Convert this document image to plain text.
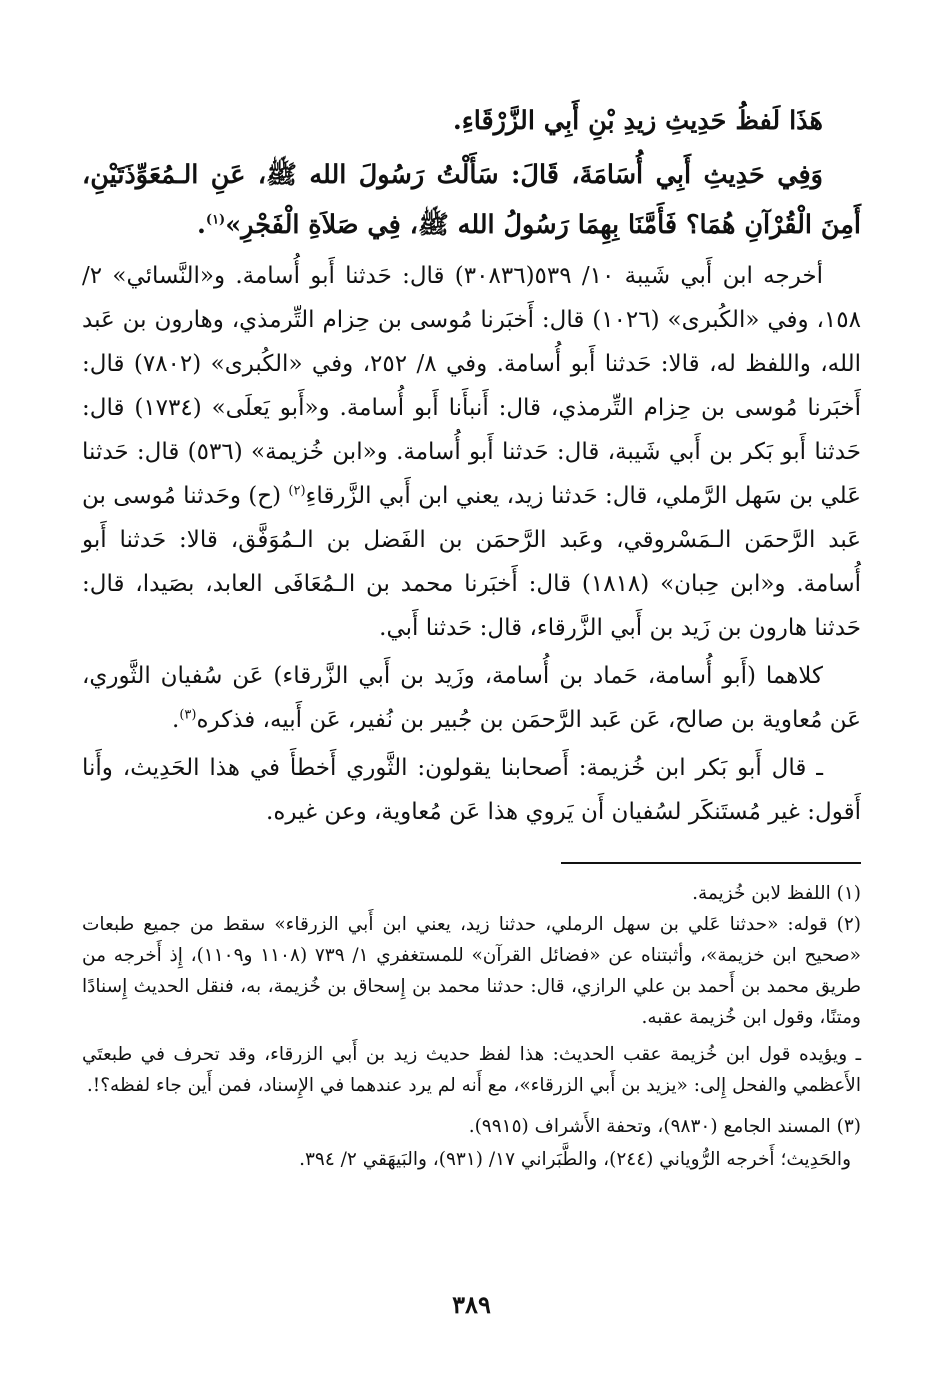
هَذَا لَفظُ حَدِيثِ زيدِ بْنِ أَبِي الزَّرْقَاءِ.

وَفِي حَدِيثِ أَبِي أُسَامَةَ، قَالَ: سَأَلْتُ رَسُولَ الله ﷺ، عَنِ الـمُعَوِّذَتَيْنِ، أَمِنَ الْقُرْآنِ هُمَا؟ فَأَمَّنَا بِهِمَا رَسُولُ الله ﷺ، فِي صَلاَةِ الْفَجْرِ»$^{(١)}$.

أخرجه ابن أَبي شَيبة ١٠/ ٥٣٩(٣٠٨٣٦) قال: حَدثنا أَبو أُسامة. و«النَّسائي» ٢/ ١٥٨، وفي «الكُبرى» (١٠٢٦) قال: أَخبَرنا مُوسى بن حِزام التِّرمذي، وهارون بن عَبد الله، واللفظ له، قالا: حَدثنا أَبو أُسامة. وفي ٨/ ٢٥٢، وفي «الكُبرى» (٧٨٠٢) قال: أَخبَرنا مُوسى بن حِزام التِّرمذي، قال: أَنبأَنا أَبو أُسامة. و«أَبو يَعلَى» (١٧٣٤) قال: حَدثنا أَبو بَكر بن أَبي شَيبة، قال: حَدثنا أَبو أُسامة. و«ابن خُزيمة» (٥٣٦) قال: حَدثنا عَلي بن سَهل الرَّملي، قال: حَدثنا زيد، يعني ابن أَبي الزَّرقاءِ$^{(٢)}$ (ح) وحَدثنا مُوسى بن عَبد الرَّحمَن الـمَسْروقي، وعَبد الرَّحمَن بن الفَضل بن الـمُوَفَّق، قالا: حَدثنا أَبو أُسامة. و«ابن حِبان» (١٨١٨) قال: أَخبَرنا محمد بن الـمُعَافَى العابد، بصَيدا، قال: حَدثنا هارون بن زَيد بن أَبي الزَّرقاء، قال: حَدثنا أَبي.

كلاهما (أَبو أُسامة، حَماد بن أُسامة، وزَيد بن أَبي الزَّرقاء) عَن سُفيان الثَّوري، عَن مُعاوية بن صالح، عَن عَبد الرَّحمَن بن جُبير بن نُفير، عَن أَبيه، فذكره$^{(٣)}$.

ـ قال أَبو بَكر ابن خُزيمة: أَصحابنا يقولون: الثَّوري أَخطأَ في هذا الحَدِيث، وأَنا أَقول: غير مُستَنكَر لسُفيان أَن يَروي هذا عَن مُعاوية، وعن غيره.

(١) اللفظ لابن خُزيمة.

(٢) قوله: «حدثنا عَلي بن سهل الرملي، حدثنا زيد، يعني ابن أَبي الزرقاء» سقط من جميع طبعات «صحيح ابن خزيمة»، وأثبتناه عن «فضائل القرآن» للمستغفري ١/ ٧٣٩ (١١٠٨ و١١٠٩)، إِذ أَخرجه من طريق محمد بن أَحمد بن علي الرازي، قال: حدثنا محمد بن إِسحاق بن خُزيمة، به، فنقل الحديث إِسنادًا ومتنًا، وقول ابن خُزيمة عقبه.

ـ ويؤيده قول ابن خُزيمة عقب الحديث: هذا لفظ حديث زيد بن أَبي الزرقاء، وقد تحرف في طبعتَي الأَعظمي والفحل إِلى: «يزيد بن أَبي الزرقاء»، مع أَنه لم يرد عندهما في الإِسناد، فمن أَين جاء لفظه؟!.

(٣) المسند الجامع (٩٨٣٠)، وتحفة الأَشراف (٩٩١٥).

والحَدِيث؛ أَخرجه الرُّوياني (٢٤٤)، والطَّبَراني ١٧/ (٩٣١)، والبَيهَقي ٢/ ٣٩٤.

٣٨٩
